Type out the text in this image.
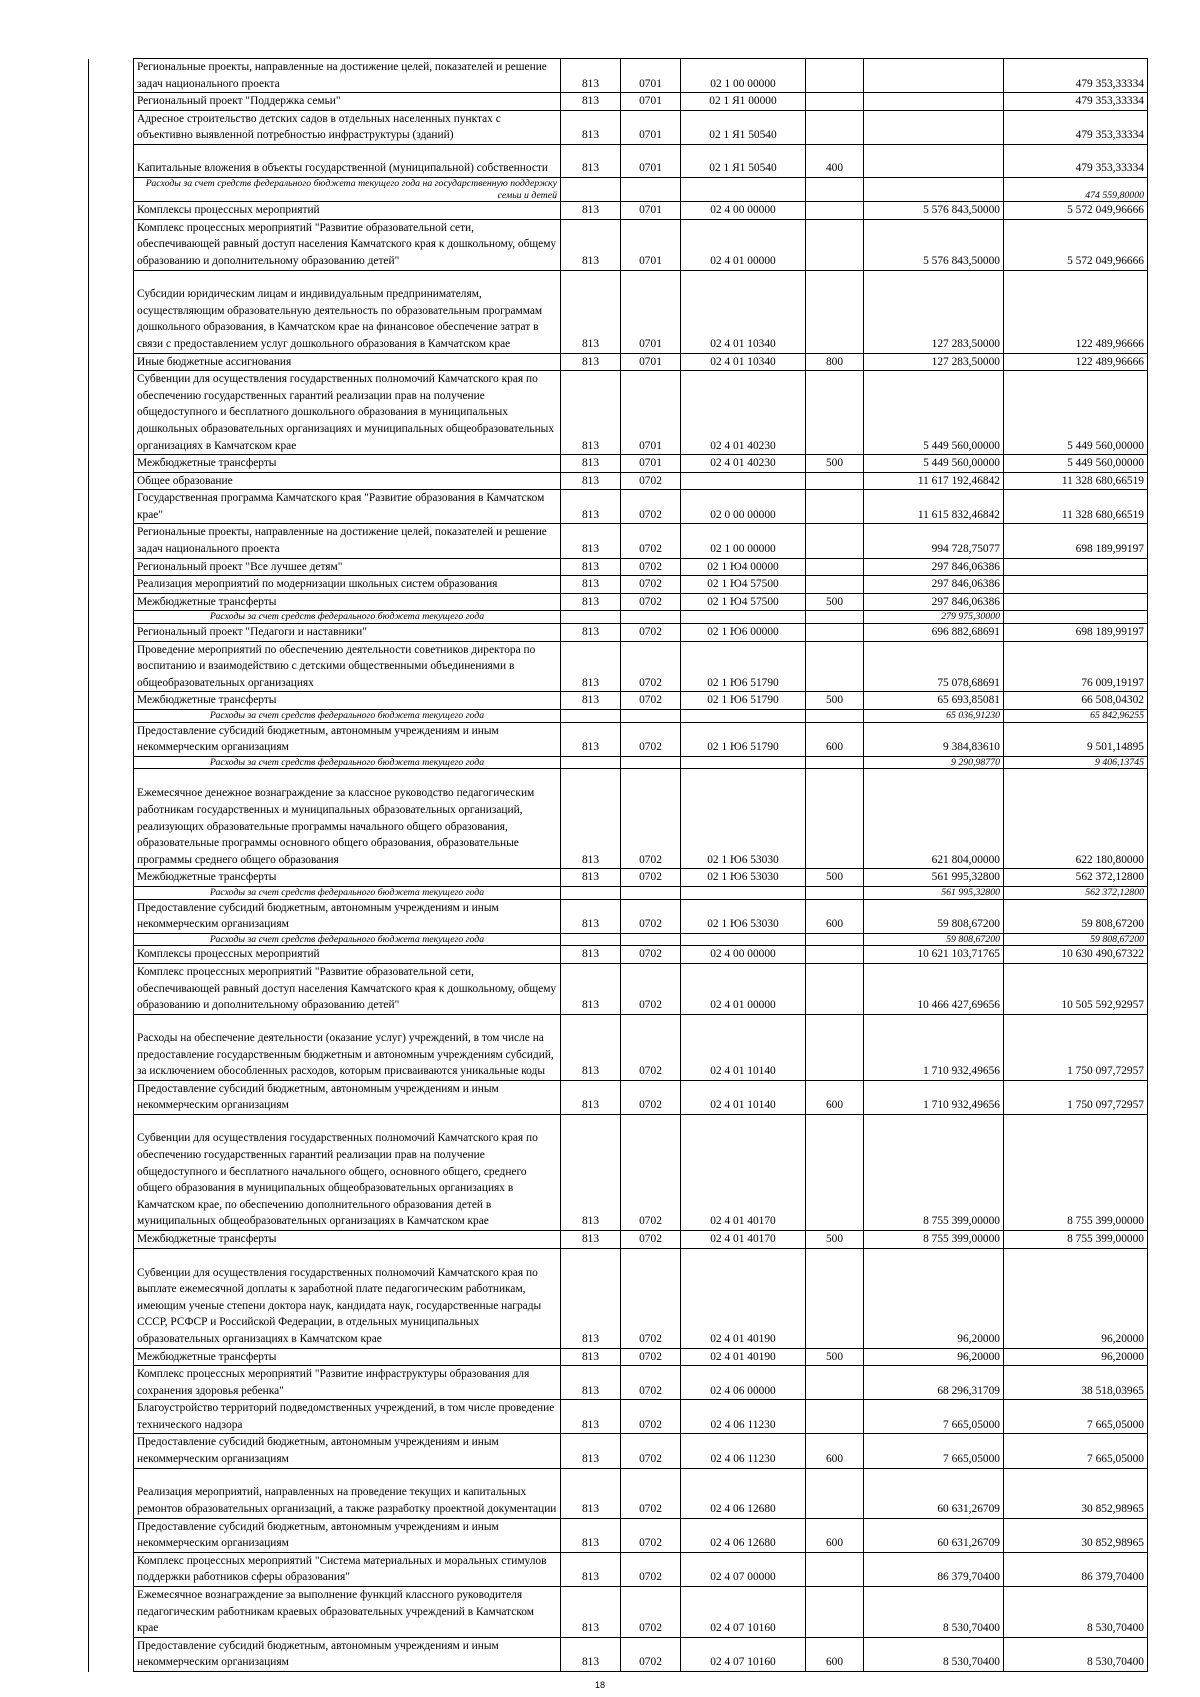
	Региональные проекты, направленные на достижение целей, показателей и решение задач национального проекта	813	0701	02 1 00 00000			479 353,33334
	Региональный проект "Поддержка семьи"	813	0701	02 1 Я1 00000			479 353,33334
	Адресное строительство детских садов в отдельных населенных пунктах с объективно выявленной потребностью инфраструктуры (зданий)	813	0701	02 1 Я1 50540			479 353,33334
	Капитальные вложения в объекты государственной (муниципальной) собственности	813	0701	02 1 Я1 50540	400		479 353,33334
	Расходы за счет средств федерального бюджета текущего года на государственную поддержку семьи и детей						474 559,80000
	Комплексы процессных мероприятий	813	0701	02 4 00 00000		5 576 843,50000	5 572 049,96666
	Комплекс процессных мероприятий "Развитие образовательной сети, обеспечивающей равный доступ населения Камчатского края к дошкольному, общему образованию и дополнительному образованию детей"	813	0701	02 4 01 00000		5 576 843,50000	5 572 049,96666
	Субсидии юридическим лицам и индивидуальным предпринимателям, осуществляющим образовательную деятельность по образовательным программам дошкольного образования, в Камчатском крае на финансовое обеспечение затрат в связи с предоставлением услуг дошкольного образования в Камчатском крае	813	0701	02 4 01 10340		127 283,50000	122 489,96666
	Иные бюджетные ассигнования	813	0701	02 4 01 10340	800	127 283,50000	122 489,96666
	Субвенции для осуществления государственных полномочий Камчатского края по обеспечению государственных гарантий реализации прав на получение общедоступного и бесплатного дошкольного образования в муниципальных дошкольных образовательных организациях и муниципальных общеобразовательных организациях в Камчатском крае	813	0701	02 4 01 40230		5 449 560,00000	5 449 560,00000
	Межбюджетные трансферты	813	0701	02 4 01 40230	500	5 449 560,00000	5 449 560,00000
	Общее образование	813	0702			11 617 192,46842	11 328 680,66519
	Государственная программа Камчатского края "Развитие образования в Камчатском крае"	813	0702	02 0 00 00000		11 615 832,46842	11 328 680,66519
	Региональные проекты, направленные на достижение целей, показателей и решение задач национального проекта	813	0702	02 1 00 00000		994 728,75077	698 189,99197
	Региональный проект "Все лучшее детям"	813	0702	02 1 Ю4 00000		297 846,06386	
	Реализация мероприятий по модернизации школьных систем образования	813	0702	02 1 Ю4 57500		297 846,06386	
	Межбюджетные трансферты	813	0702	02 1 Ю4 57500	500	297 846,06386	
	Расходы за счет средств федерального бюджета текущего года					279 975,30000	
	Региональный проект "Педагоги и наставники"	813	0702	02 1 Ю6 00000		696 882,68691	698 189,99197
	Проведение мероприятий по обеспечению деятельности советников директора по воспитанию и взаимодействию с детскими общественными объединениями в общеобразовательных организациях	813	0702	02 1 Ю6 51790		75 078,68691	76 009,19197
	Межбюджетные трансферты	813	0702	02 1 Ю6 51790	500	65 693,85081	66 508,04302
	Расходы за счет средств федерального бюджета текущего года					65 036,91230	65 842,96255
	Предоставление субсидий бюджетным, автономным учреждениям и иным некоммерческим организациям	813	0702	02 1 Ю6 51790	600	9 384,83610	9 501,14895
	Расходы за счет средств федерального бюджета текущего года					9 290,98770	9 406,13745
	Ежемесячное денежное вознаграждение за классное руководство педагогическим работникам государственных и муниципальных образовательных организаций, реализующих образовательные программы начального общего образования, образовательные программы основного общего образования, образовательные программы среднего общего образования	813	0702	02 1 Ю6 53030		621 804,00000	622 180,80000
	Межбюджетные трансферты	813	0702	02 1 Ю6 53030	500	561 995,32800	562 372,12800
	Расходы за счет средств федерального бюджета текущего года					561 995,32800	562 372,12800
	Предоставление субсидий бюджетным, автономным учреждениям и иным некоммерческим организациям	813	0702	02 1 Ю6 53030	600	59 808,67200	59 808,67200
	Расходы за счет средств федерального бюджета текущего года					59 808,67200	59 808,67200
	Комплексы процессных мероприятий	813	0702	02 4 00 00000		10 621 103,71765	10 630 490,67322
	Комплекс процессных мероприятий "Развитие образовательной сети, обеспечивающей равный доступ населения Камчатского края к дошкольному, общему образованию и дополнительному образованию детей"	813	0702	02 4 01 00000		10 466 427,69656	10 505 592,92957
	Расходы на обеспечение деятельности (оказание услуг) учреждений, в том числе на предоставление государственным бюджетным и автономным учреждениям субсидий, за исключением обособленных расходов, которым присваиваются уникальные коды	813	0702	02 4 01 10140		1 710 932,49656	1 750 097,72957
	Предоставление субсидий бюджетным, автономным учреждениям и иным некоммерческим организациям	813	0702	02 4 01 10140	600	1 710 932,49656	1 750 097,72957
	Субвенции для осуществления государственных полномочий Камчатского края по обеспечению государственных гарантий реализации прав на получение общедоступного и бесплатного начального общего, основного общего, среднего общего образования в муниципальных общеобразовательных организациях в Камчатском крае, по обеспечению дополнительного образования детей в муниципальных общеобразовательных организациях в Камчатском крае	813	0702	02 4 01 40170		8 755 399,00000	8 755 399,00000
	Межбюджетные трансферты	813	0702	02 4 01 40170	500	8 755 399,00000	8 755 399,00000
	Субвенции для осуществления государственных полномочий Камчатского края по выплате ежемесячной доплаты к заработной плате педагогическим работникам, имеющим ученые степени доктора наук, кандидата наук, государственные награды СССР, РСФСР и Российской Федерации, в отдельных муниципальных образовательных организациях в Камчатском крае	813	0702	02 4 01 40190		96,20000	96,20000
	Межбюджетные трансферты	813	0702	02 4 01 40190	500	96,20000	96,20000
	Комплекс процессных мероприятий "Развитие инфраструктуры образования для сохранения здоровья ребенка"	813	0702	02 4 06 00000		68 296,31709	38 518,03965
	Благоустройство территорий подведомственных учреждений, в том числе проведение технического надзора	813	0702	02 4 06 11230		7 665,05000	7 665,05000
	Предоставление субсидий бюджетным, автономным учреждениям и иным некоммерческим организациям	813	0702	02 4 06 11230	600	7 665,05000	7 665,05000
	Реализация мероприятий, направленных на проведение текущих и капитальных ремонтов образовательных организаций, а также разработку проектной документации	813	0702	02 4 06 12680		60 631,26709	30 852,98965
	Предоставление субсидий бюджетным, автономным учреждениям и иным некоммерческим организациям	813	0702	02 4 06 12680	600	60 631,26709	30 852,98965
	Комплекс процессных мероприятий "Система материальных и моральных стимулов поддержки работников сферы образования"	813	0702	02 4 07 00000		86 379,70400	86 379,70400
	Ежемесячное вознаграждение за выполнение функций классного руководителя педагогическим работникам краевых образовательных учреждений в Камчатском крае	813	0702	02 4 07 10160		8 530,70400	8 530,70400
	Предоставление субсидий бюджетным, автономным учреждениям и иным некоммерческим организациям	813	0702	02 4 07 10160	600	8 530,70400	8 530,70400
18
